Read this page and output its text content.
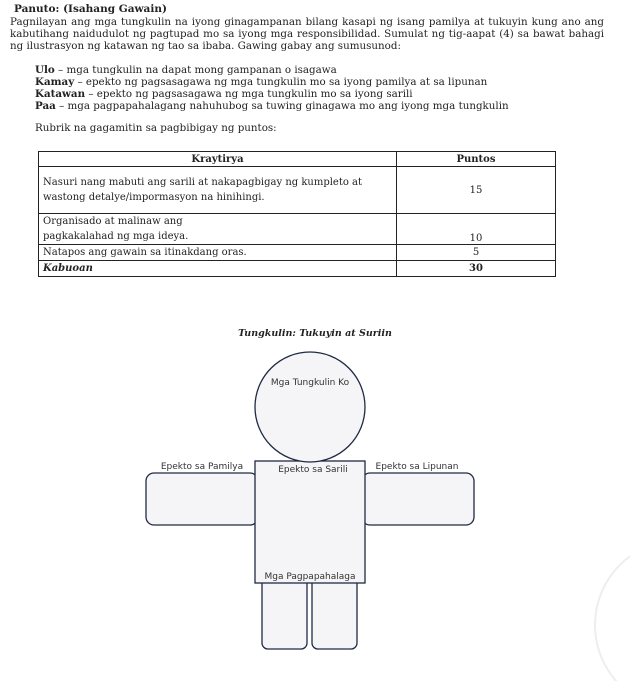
Panuto: (Isahang Gawain)
Pagnilayan ang mga tungkulin na iyong ginagampanan bilang kasapi ng isang pamilya at tukuyin kung ano ang kabutihang naidudulot ng pagtupad mo sa iyong mga responsibilidad. Sumulat ng tig-aapat (4) sa bawat bahagi ng ilustrasyon ng katawan ng tao sa ibaba. Gawing gabay ang sumusunod:
Ulo – mga tungkulin na dapat mong gampanan o isagawa
Kamay – epekto ng pagsasagawa ng mga tungkulin mo sa iyong pamilya at sa lipunan
Katawan – epekto ng pagsasagawa ng mga tungkulin mo sa iyong sarili
Paa – mga pagpapahalagang nahuhubog sa tuwing ginagawa mo ang iyong mga tungkulin
Rubrik na gagamitin sa pagbibigay ng puntos:
Kraytirya	Puntos
Nasuri nang mabuti ang sarili at nakapagbigay ng kumpleto at wastong detalye/impormasyon na hinihingi.	15
Organisado at malinaw ang pagkakalahad ng mga ideya.	10
Natapos ang gawain sa itinakdang oras.	5
Kabuoan	30
Tungkulin: Tukuyin at Suriin
Mga Tungkulin Ko
Epekto sa Pamilya	Epekto sa Sarili	Epekto sa Lipunan
Mga Pagpapahalaga
